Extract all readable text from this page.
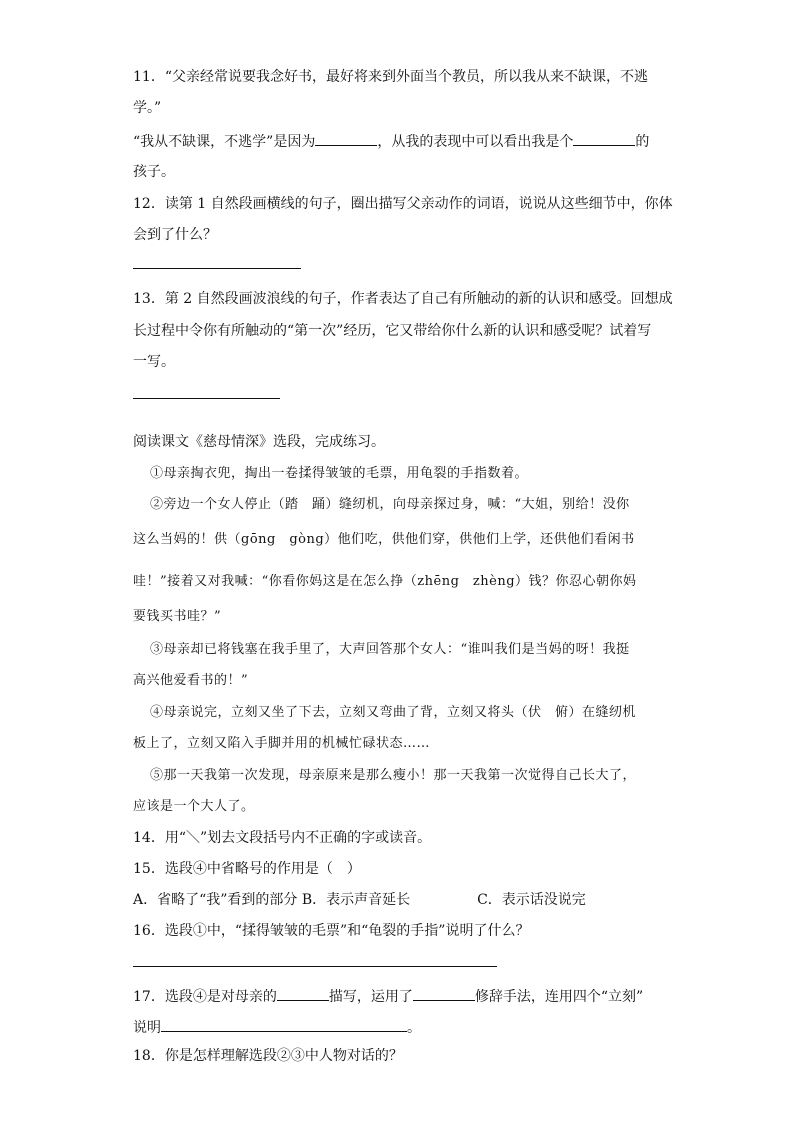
11．“父亲经常说要我念好书，最好将来到外面当个教员，所以我从来不缺课，不逃
学。”
“我从不缺课，不逃学”是因为	，从我的表现中可以看出我是个	的
孩子。
12．读第 1 自然段画横线的句子，圈出描写父亲动作的词语，说说从这些细节中，你体
会到了什么？
13．第 2 自然段画波浪线的句子，作者表达了自己有所触动的新的认识和感受。回想成
长过程中令你有所触动的“第一次”经历，它又带给你什么新的认识和感受呢？试着写
一写。
阅读课文《慈母情深》选段，完成练习。
①母亲掏衣兜，掏出一卷揉得皱皱的毛票，用龟裂的手指数着。
②旁边一个女人停止（踏　踊）缝纫机，向母亲探过身，喊：“大姐，别给！没你
这么当妈的！供（gōng　gòng）他们吃，供他们穿，供他们上学，还供他们看闲书
哇！”接着又对我喊：“你看你妈这是在怎么挣（zhēng　zhèng）钱？你忍心朝你妈
要钱买书哇？”
③母亲却已将钱塞在我手里了，大声回答那个女人：“谁叫我们是当妈的呀！我挺
高兴他爱看书的！”
④母亲说完，立刻又坐了下去，立刻又弯曲了背，立刻又将头（伏　俯）在缝纫机
板上了，立刻又陷入手脚并用的机械忙碌状态……
⑤那一天我第一次发现，母亲原来是那么瘦小！那一天我第一次觉得自己长大了，
应该是一个大人了。
14．用“＼”划去文段括号内不正确的字或读音。
15．选段④中省略号的作用是（　）
A．省略了“我”看到的部分 B．表示声音延长	C．表示话没说完
16．选段①中，“揉得皱皱的毛票”和“龟裂的手指”说明了什么？
17．选段④是对母亲的	描写，运用了	修辞手法，连用四个“立刻”
说明	。
18．你是怎样理解选段②③中人物对话的？
